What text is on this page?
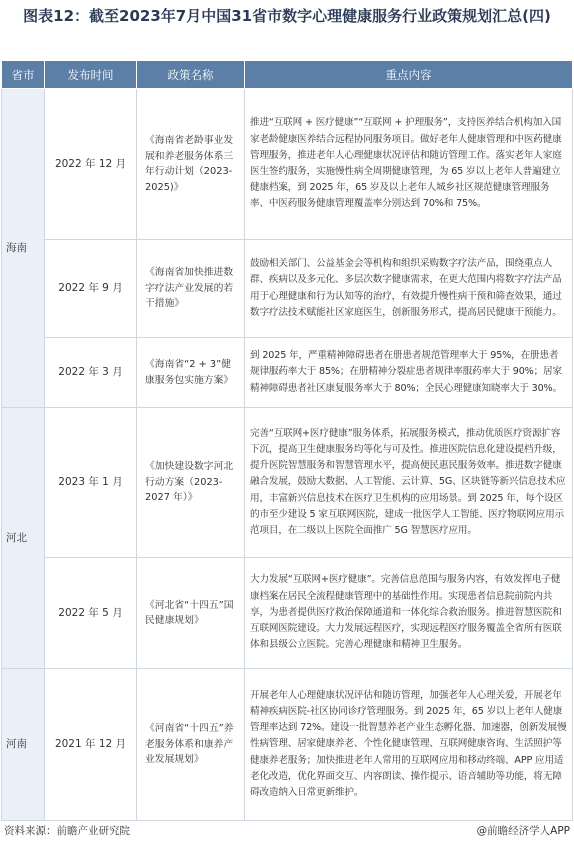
图表12：截至2023年7月中国31省市数字心理健康服务行业政策规划汇总(四)
省市	发布时间	政策名称	重点内容
海南	2022 年 12 月	《海南省老龄事业发展和养老服务体系三年行动计划（2023-2025)》	推进“互联网 + 医疗健康”“互联网 + 护理服务”，支持医养结合机构加入国家老龄健康医养结合远程协同服务项目。做好老年人健康管理和中医药健康管理服务，推进老年人心理健康状况评估和随访管理工作。落实老年人家庭医生签约服务，实施慢性病全周期健康管理，为 65 岁以上老年人普遍建立健康档案，到 2025 年，65 岁及以上老年人城乡社区规范健康管理服务率、中医药服务健康管理覆盖率分别达到 70%和 75%。
	2022 年 9 月	《海南省加快推进数字疗法产业发展的若干措施》	鼓励相关部门、公益基金会等机构和组织采购数字疗法产品，围绕重点人群、疾病以及多元化、多层次数字健康需求，在更大范围内将数字疗法产品用于心理健康和行为认知等的治疗，有效提升慢性病干预和筛查效果，通过数字疗法技术赋能社区家庭医生，创新服务形式，提高居民健康干预能力。
	2022 年 3 月	《海南省“2 + 3”健康服务包实施方案》	到 2025 年，严重精神障碍患者在册患者规范管理率大于 95%，在册患者规律服药率大于 85%；在册精神分裂症患者规律率服药率大于 90%；居家精神障碍患者社区康复服务率大于 80%；全民心理健康知晓率大于 30%。
河北	2023 年 1 月	《加快建设数字河北行动方案（2023-2027 年）》	完善“互联网+医疗健康”服务体系，拓展服务模式，推动优质医疗资源扩容下沉，提高卫生健康服务均等化与可及性。推进医院信息化建设提档升级，提升医院智慧服务和智慧管理水平，提高便民惠民服务效率。推进数字健康融合发展，鼓励大数据、人工智能、云计算、5G、区块链等新兴信息技术应用，丰富新兴信息技术在医疗卫生机构的应用场景。到 2025 年，每个设区的市至少建设 5 家互联网医院，建成一批医学人工智能、医疗物联网应用示范项目，在二级以上医院全面推广 5G 智慧医疗应用。
	2022 年 5 月	《河北省“十四五”国民健康规划》	大力发展“互联网+医疗健康”。完善信息范围与服务内容，有效发挥电子健康档案在居民全流程健康管理中的基础性作用。实现患者信息院前院内共享，为患者提供医疗救治保障通道和一体化综合救治服务。推进智慧医院和互联网医院建设。大力发展远程医疗，实现远程医疗服务覆盖全省所有医联体和县级公立医院。完善心理健康和精神卫生服务。
河南	2021 年 12 月	《河南省“十四五”养老服务体系和康养产业发展规划》	开展老年人心理健康状况评估和随访管理，加强老年人心理关爱，开展老年精神疾病医院-社区协同诊疗管理服务。到 2025 年，65 岁以上老年人健康管理率达到 72%。建设一批智慧养老产业生态孵化器、加速器，创新发展慢性病管理、居家健康养老、个性化健康管理、互联网健康咨询、生活照护等健康养老服务；加快推进老年人常用的互联网应用和移动终端、APP 应用适老化改造，优化界面交互、内容朗读、操作提示、语音辅助等功能，将无障碍改造纳入日常更新维护。
资料来源：前瞻产业研究院	@前瞻经济学人APP
